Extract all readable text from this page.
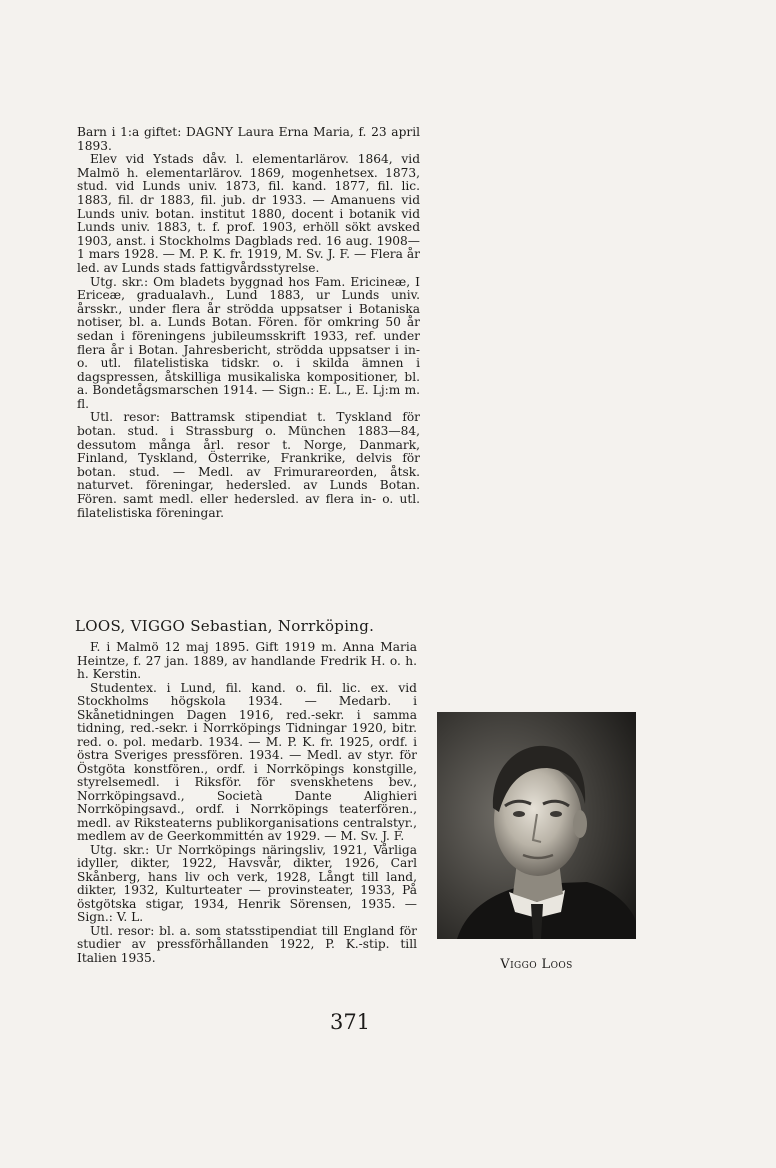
Barn i 1:a giftet: DAGNY Laura Erna Maria, f. 23 april 1893.

Elev vid Ystads dåv. l. elementarlärov. 1864, vid Malmö h. elementarlärov. 1869, mogenhetsex. 1873, stud. vid Lunds univ. 1873, fil. kand. 1877, fil. lic. 1883, fil. dr 1883, fil. jub. dr 1933. — Amanuens vid Lunds univ. botan. institut 1880, docent i botanik vid Lunds univ. 1883, t. f. prof. 1903, erhöll sökt avsked 1903, anst. i Stockholms Dagblads red. 16 aug. 1908—1 mars 1928. — M. P. K. fr. 1919, M. Sv. J. F. — Flera år led. av Lunds stads fattigvårdsstyrelse.

Utg. skr.: Om bladets byggnad hos Fam. Ericineæ, I Ericeæ, gradualavh., Lund 1883, ur Lunds univ. årsskr., under flera år strödda uppsatser i Botaniska notiser, bl. a. Lunds Botan. Fören. för omkring 50 år sedan i föreningens jubileumsskrift 1933, ref. under flera år i Botan. Jahresbericht, strödda uppsatser i in- o. utl. filatelistiska tidskr. o. i skilda ämnen i dagspressen, åtskilliga musikaliska kompositioner, bl. a. Bondetågsmarschen 1914. — Sign.: E. L., E. Lj:m m. fl.

Utl. resor: Battramsk stipendiat t. Tyskland för botan. stud. i Strassburg o. München 1883—84, dessutom många årl. resor t. Norge, Danmark, Finland, Tyskland, Österrike, Frankrike, delvis för botan. stud. — Medl. av Frimurareorden, åtsk. naturvet. föreningar, hedersled. av Lunds Botan. Fören. samt medl. eller hedersled. av flera in- o. utl. filatelistiska föreningar.

LOOS, VIGGO Sebastian, Norrköping.

F. i Malmö 12 maj 1895. Gift 1919 m. Anna Maria Heintze, f. 27 jan. 1889, av handlande Fredrik H. o. h. h. Kerstin.

Studentex. i Lund, fil. kand. o. fil. lic. ex. vid Stockholms högskola 1934. — Medarb. i Skånetidningen Dagen 1916, red.-sekr. i samma tidning, red.-sekr. i Norrköpings Tidningar 1920, bitr. red. o. pol. medarb. 1934. — M. P. K. fr. 1925, ordf. i östra Sveriges pressfören. 1934. — Medl. av styr. för Östgöta konstfören., ordf. i Norrköpings konstgille, styrelsemedl. i Riksför. för svenskhetens bev., Norrköpingsavd., Società Dante Alighieri Norrköpingsavd., ordf. i Norrköpings teaterfören., medl. av Riksteaterns publikorganisations centralstyr., medlem av de Geerkommittén av 1929. — M. Sv. J. F.

Utg. skr.: Ur Norrköpings näringsliv, 1921, Vårliga idyller, dikter, 1922, Havsvår, dikter, 1926, Carl Skånberg, hans liv och verk, 1928, Långt till land, dikter, 1932, Kulturteater — provinsteater, 1933, På östgötska stigar, 1934, Henrik Sörensen, 1935. — Sign.: V. L.

Utl. resor: bl. a. som statsstipendiat till England för studier av pressförhållanden 1922, P. K.-stip. till Italien 1935.	Viggo Loos
371
